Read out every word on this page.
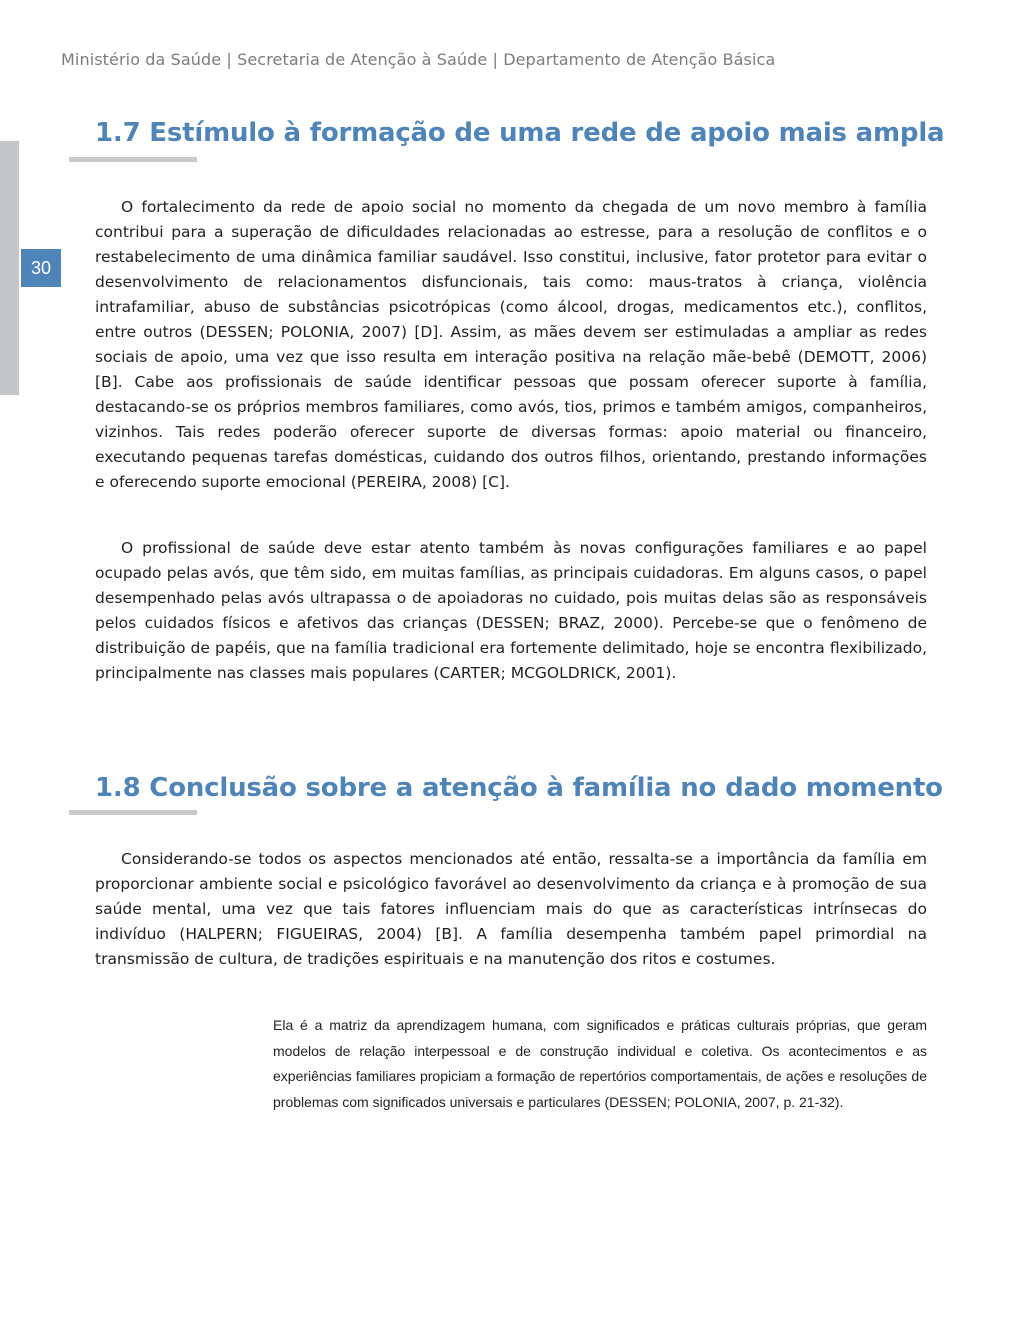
Ministério da Saúde | Secretaria de Atenção à Saúde | Departamento de Atenção Básica
30
1.7 Estímulo à formação de uma rede de apoio mais ampla

O fortalecimento da rede de apoio social no momento da chegada de um novo membro à família contribui para a superação de dificuldades relacionadas ao estresse, para a resolução de conflitos e o restabelecimento de uma dinâmica familiar saudável. Isso constitui, inclusive, fator protetor para evitar o desenvolvimento de relacionamentos disfuncionais, tais como: maus-tratos à criança, violência intrafamiliar, abuso de substâncias psicotrópicas (como álcool, drogas, medicamentos etc.), conflitos, entre outros (DESSEN; POLONIA, 2007) [D]. Assim, as mães devem ser estimuladas a ampliar as redes sociais de apoio, uma vez que isso resulta em interação positiva na relação mãe-bebê (DEMOTT, 2006) [B]. Cabe aos profissionais de saúde identificar pessoas que possam oferecer suporte à família, destacando-se os próprios membros familiares, como avós, tios, primos e também amigos, companheiros, vizinhos. Tais redes poderão oferecer suporte de diversas formas: apoio material ou financeiro, executando pequenas tarefas domésticas, cuidando dos outros filhos, orientando, prestando informações e oferecendo suporte emocional (PEREIRA, 2008) [C].

O profissional de saúde deve estar atento também às novas configurações familiares e ao papel ocupado pelas avós, que têm sido, em muitas famílias, as principais cuidadoras. Em alguns casos, o papel desempenhado pelas avós ultrapassa o de apoiadoras no cuidado, pois muitas delas são as responsáveis pelos cuidados físicos e afetivos das crianças (DESSEN; BRAZ, 2000). Percebe-se que o fenômeno de distribuição de papéis, que na família tradicional era fortemente delimitado, hoje se encontra flexibilizado, principalmente nas classes mais populares (CARTER; MCGOLDRICK, 2001).

1.8 Conclusão sobre a atenção à família no dado momento

Considerando-se todos os aspectos mencionados até então, ressalta-se a importância da família em proporcionar ambiente social e psicológico favorável ao desenvolvimento da criança e à promoção de sua saúde mental, uma vez que tais fatores influenciam mais do que as características intrínsecas do indivíduo (HALPERN; FIGUEIRAS, 2004) [B]. A família desempenha também papel primordial na transmissão de cultura, de tradições espirituais e na manutenção dos ritos e costumes.

Ela é a matriz da aprendizagem humana, com significados e práticas culturais próprias, que geram modelos de relação interpessoal e de construção individual e coletiva. Os acontecimentos e as experiências familiares propiciam a formação de repertórios comportamentais, de ações e resoluções de problemas com significados universais e particulares (DESSEN; POLONIA, 2007, p. 21-32).
